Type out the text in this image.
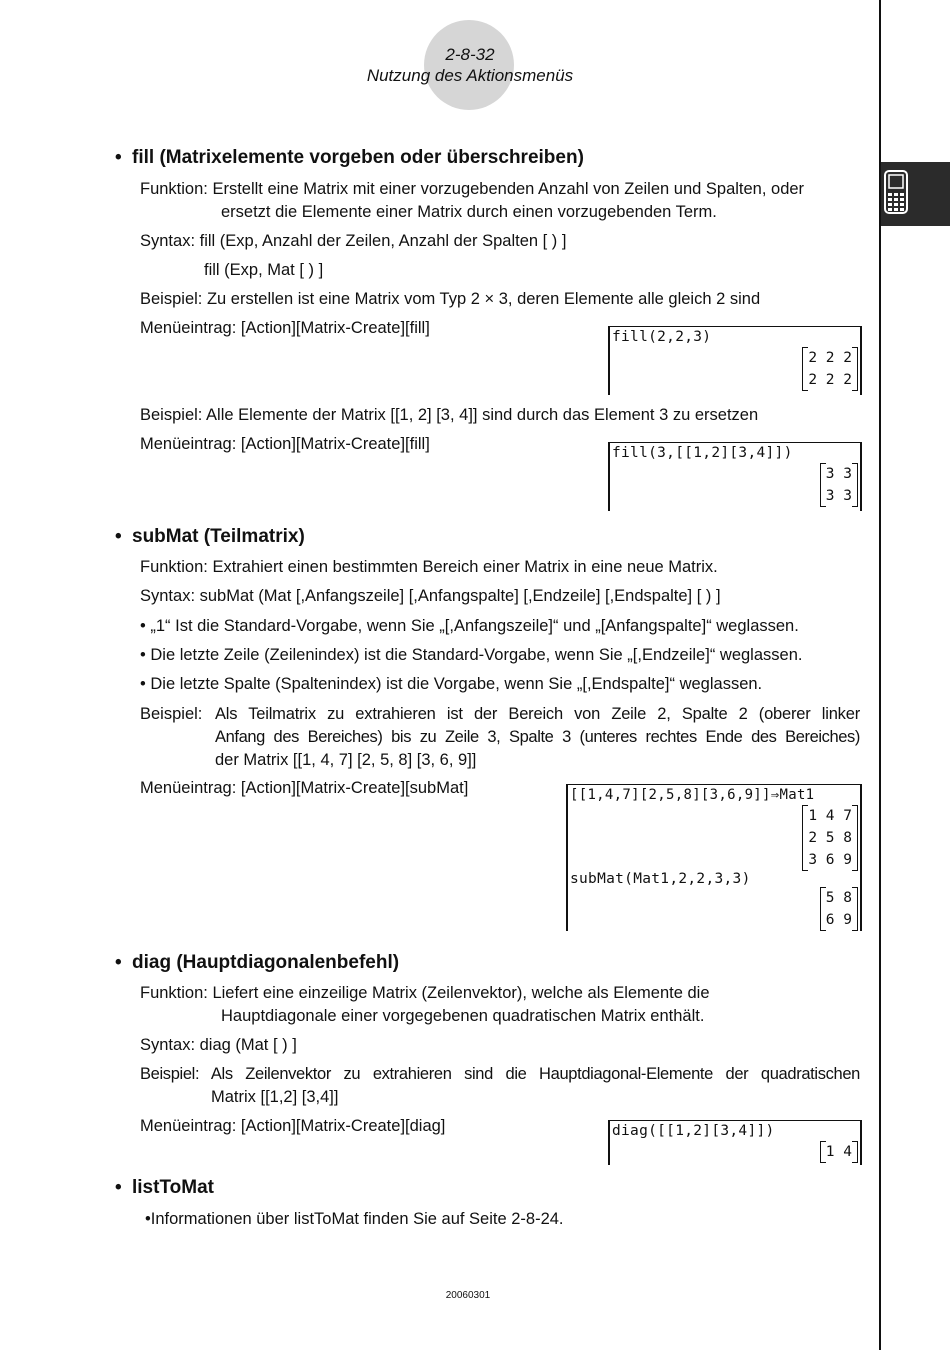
2-8-32
Nutzung des Aktionsmenüs
• fill (Matrixelemente vorgeben oder überschreiben)
Funktion: Erstellt eine Matrix mit einer vorzugebenden Anzahl von Zeilen und Spalten, oder
ersetzt die Elemente einer Matrix durch einen vorzugebenden Term.
Syntax: fill (Exp, Anzahl der Zeilen, Anzahl der Spalten [ ) ]
fill (Exp, Mat [ ) ]
Beispiel: Zu erstellen ist eine Matrix vom Typ 2 × 3, deren Elemente alle gleich 2 sind
Menüeintrag: [Action][Matrix-Create][fill]	fill(2,2,3)
2 2 2
2 2 2
Beispiel: Alle Elemente der Matrix [[1, 2] [3, 4]] sind durch das Element 3 zu ersetzen
Menüeintrag: [Action][Matrix-Create][fill]	fill(3,[[1,2][3,4]])
3 3
3 3
• subMat (Teilmatrix)
Funktion: Extrahiert einen bestimmten Bereich einer Matrix in eine neue Matrix.
Syntax: subMat (Mat [,Anfangszeile] [,Anfangspalte] [,Endzeile] [,Endspalte] [ ) ]
• „1“ Ist die Standard-Vorgabe, wenn Sie „[,Anfangszeile]“ und „[Anfangspalte]“ weglassen.
• Die letzte Zeile (Zeilenindex) ist die Standard-Vorgabe, wenn Sie „[,Endzeile]“ weglassen.
• Die letzte Spalte (Spaltenindex) ist die Vorgabe, wenn Sie „[,Endspalte]“ weglassen.
Beispiel: Als Teilmatrix zu extrahieren ist der Bereich von Zeile 2, Spalte 2 (oberer linker
Anfang des Bereiches) bis zu Zeile 3, Spalte 3 (unteres rechtes Ende des Bereiches)
der Matrix [[1, 4, 7] [2, 5, 8] [3, 6, 9]]
Menüeintrag: [Action][Matrix-Create][subMat]	[[1,4,7][2,5,8][3,6,9]]⇒Mat1
1 4 7
2 5 8
3 6 9
subMat(Mat1,2,2,3,3)
5 8
6 9
• diag (Hauptdiagonalenbefehl)
Funktion: Liefert eine einzeilige Matrix (Zeilenvektor), welche als Elemente die
Hauptdiagonale einer vorgegebenen quadratischen Matrix enthält.
Syntax: diag (Mat [ ) ]
Beispiel: Als Zeilenvektor zu extrahieren sind die Hauptdiagonal-Elemente der quadratischen
Matrix [[1,2] [3,4]]
Menüeintrag: [Action][Matrix-Create][diag]	diag([[1,2][3,4]])
1 4
• listToMat
•Informationen über listToMat finden Sie auf Seite 2-8-24.
20060301
